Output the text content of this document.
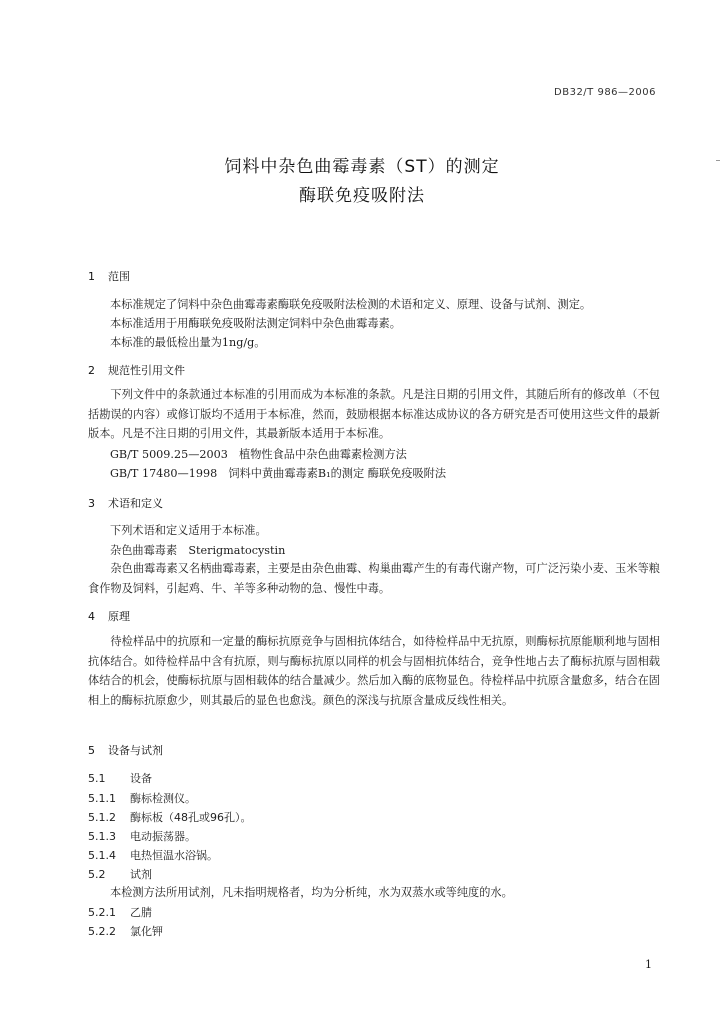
DB32/T 986—2006
饲料中杂色曲霉毒素（ST）的测定
酶联免疫吸附法
1 范围
本标准规定了饲料中杂色曲霉毒素酶联免疫吸附法检测的术语和定义、原理、设备与试剂、测定。
本标准适用于用酶联免疫吸附法测定饲料中杂色曲霉毒素。
本标准的最低检出量为1ng/g。
2 规范性引用文件
下列文件中的条款通过本标准的引用而成为本标准的条款。凡是注日期的引用文件，其随后所有的修改单（不包括勘误的内容）或修订版均不适用于本标准，然而，鼓励根据本标准达成协议的各方研究是否可使用这些文件的最新版本。凡是不注日期的引用文件，其最新版本适用于本标准。
GB/T 5009.25—2003　植物性食品中杂色曲霉素检测方法
GB/T 17480—1998　饲料中黄曲霉毒素B₁的测定 酶联免疫吸附法
3 术语和定义
下列术语和定义适用于本标准。
杂色曲霉毒素　Sterigmatocystin
杂色曲霉毒素又名柄曲霉毒素，主要是由杂色曲霉、构巢曲霉产生的有毒代谢产物，可广泛污染小麦、玉米等粮食作物及饲料，引起鸡、牛、羊等多种动物的急、慢性中毒。
4 原理
待检样品中的抗原和一定量的酶标抗原竞争与固相抗体结合，如待检样品中无抗原，则酶标抗原能顺利地与固相抗体结合。如待检样品中含有抗原，则与酶标抗原以同样的机会与固相抗体结合，竞争性地占去了酶标抗原与固相载体结合的机会，使酶标抗原与固相载体的结合量减少。然后加入酶的底物显色。待检样品中抗原含量愈多，结合在固相上的酶标抗原愈少，则其最后的显色也愈浅。颜色的深浅与抗原含量成反线性相关。
5 设备与试剂
5.1 设备
5.1.1 酶标检测仪。
5.1.2 酶标板（48孔或96孔）。
5.1.3 电动振荡器。
5.1.4 电热恒温水浴锅。
5.2 试剂
本检测方法所用试剂，凡未指明规格者，均为分析纯，水为双蒸水或等纯度的水。
5.2.1 乙腈
5.2.2 氯化钾
1
